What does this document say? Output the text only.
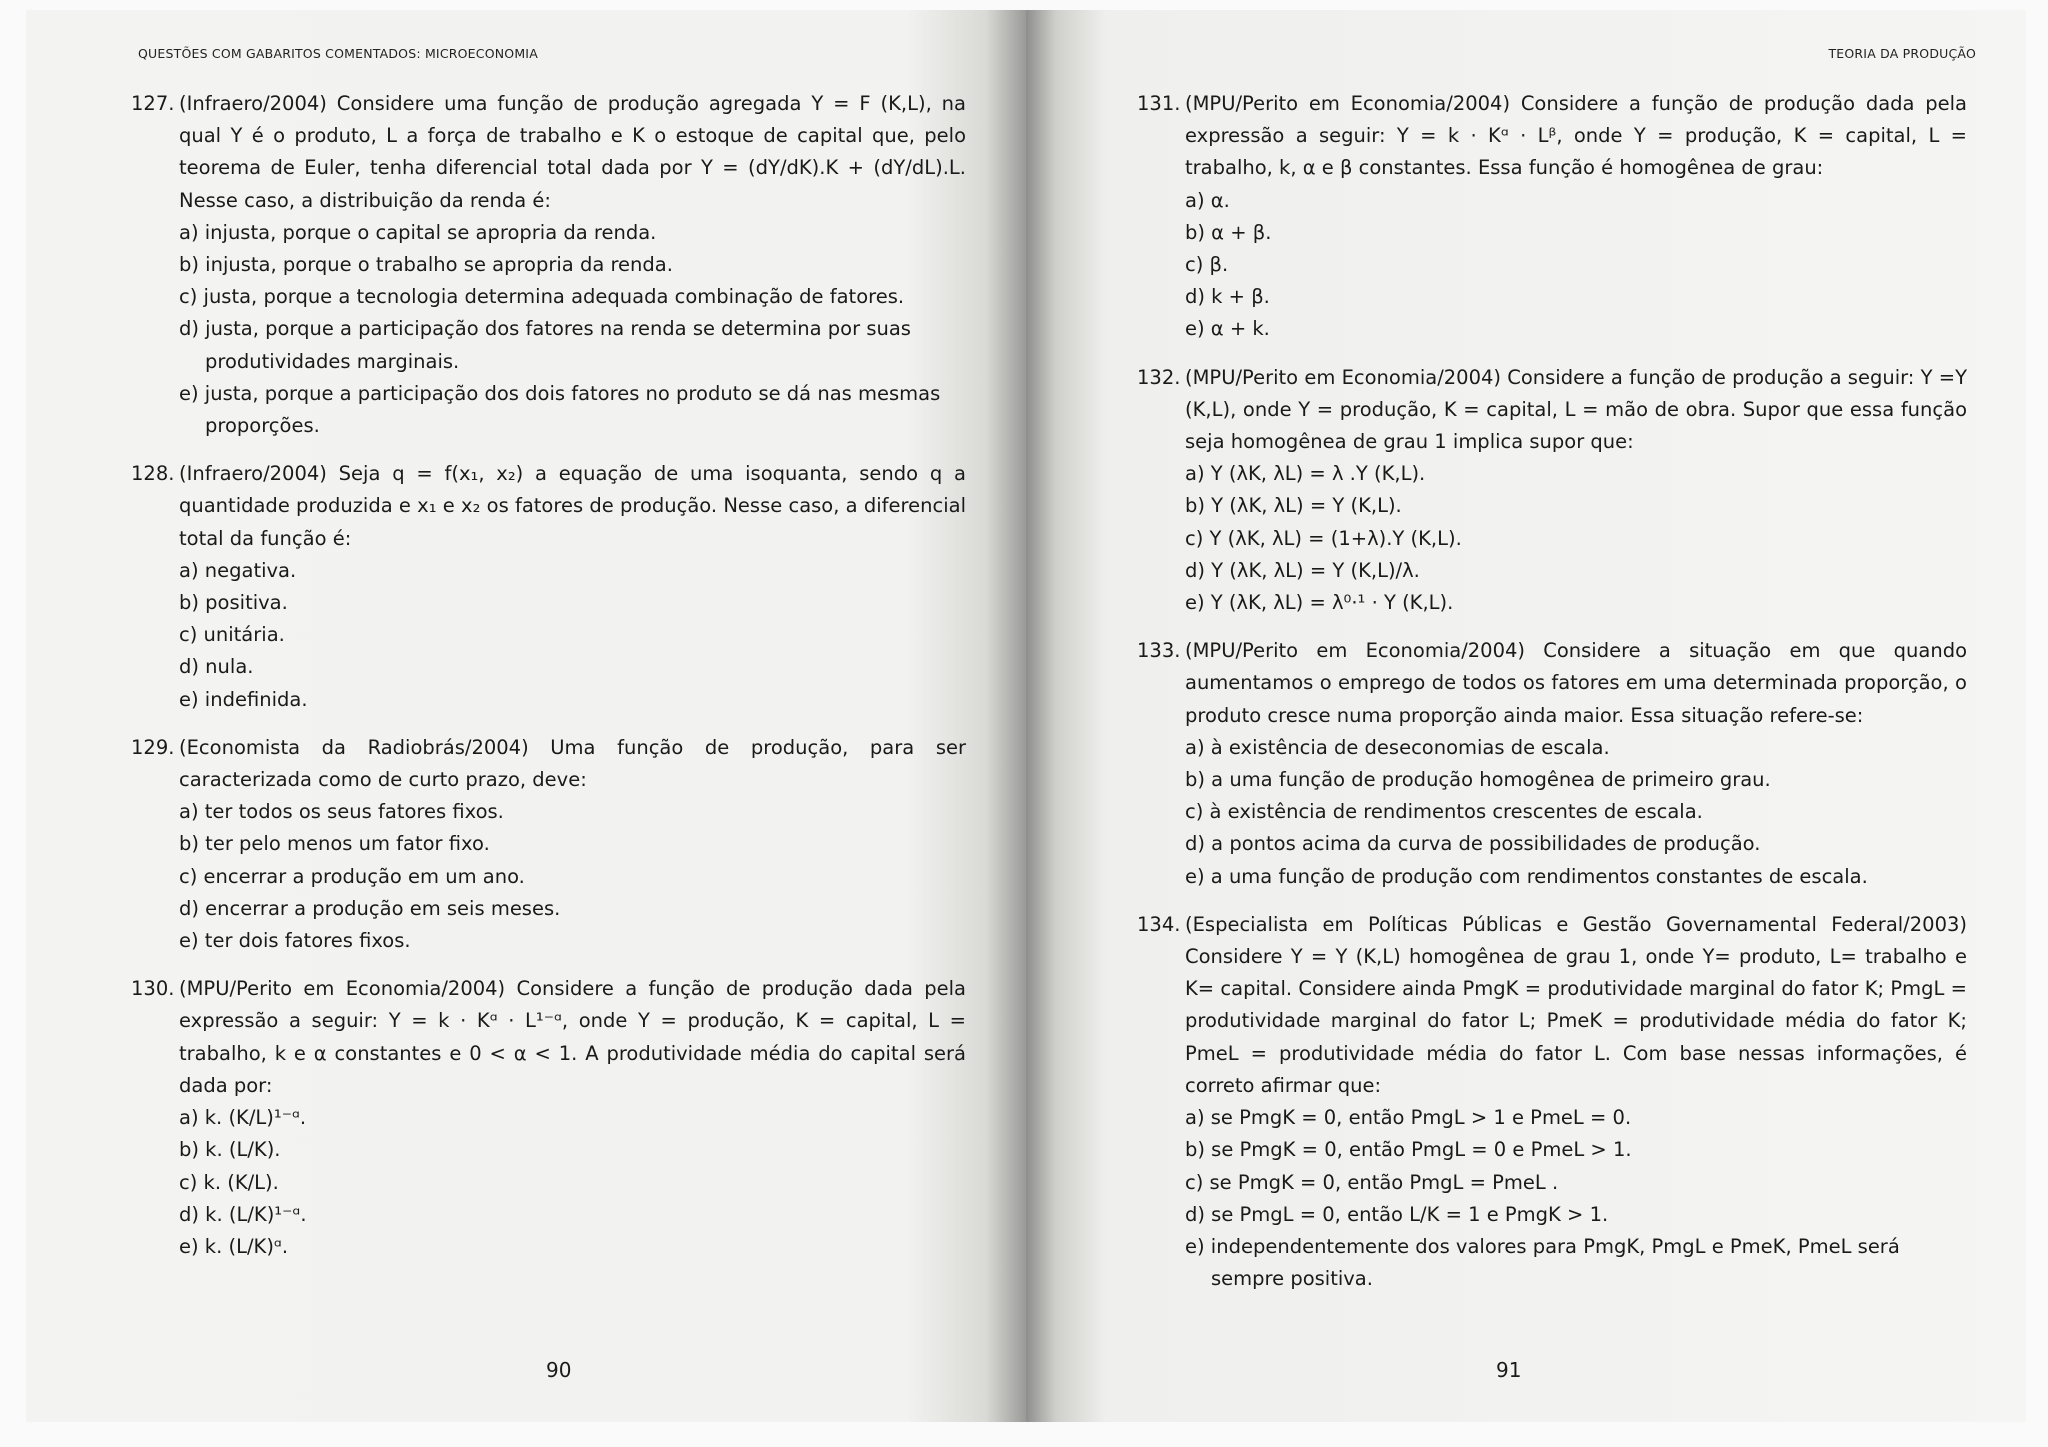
QUESTÕES COM GABARITOS COMENTADOS: MICROECONOMIA
127. (Infraero/2004) Considere uma função de produção agregada Y = F (K,L), na qual Y é o produto, L a força de trabalho e K o estoque de capital que, pelo teorema de Euler, tenha diferencial total dada por Y = (dY/dK).K + (dY/dL).L. Nesse caso, a distribuição da renda é:
a) injusta, porque o capital se apropria da renda.
b) injusta, porque o trabalho se apropria da renda.
c) justa, porque a tecnologia determina adequada combinação de fatores.
d) justa, porque a participação dos fatores na renda se determina por suas produtividades marginais.
e) justa, porque a participação dos dois fatores no produto se dá nas mesmas proporções.
128. (Infraero/2004) Seja q = f(x₁, x₂) a equação de uma isoquanta, sendo q a quantidade produzida e x₁ e x₂ os fatores de produção. Nesse caso, a diferencial total da função é:
a) negativa.
b) positiva.
c) unitária.
d) nula.
e) indefinida.
129. (Economista da Radiobrás/2004) Uma função de produção, para ser caracterizada como de curto prazo, deve:
a) ter todos os seus fatores fixos.
b) ter pelo menos um fator fixo.
c) encerrar a produção em um ano.
d) encerrar a produção em seis meses.
e) ter dois fatores fixos.
130. (MPU/Perito em Economia/2004) Considere a função de produção dada pela expressão a seguir: Y = k · Kᵅ · L¹⁻ᵅ, onde Y = produção, K = capital, L = trabalho, k e α constantes e 0 < α < 1. A produtividade média do capital será dada por:
a) k. (K/L)¹⁻ᵅ.
b) k. (L/K).
c) k. (K/L).
d) k. (L/K)¹⁻ᵅ.
e) k. (L/K)ᵅ.
90
TEORIA DA PRODUÇÃO
131. (MPU/Perito em Economia/2004) Considere a função de produção dada pela expressão a seguir: Y = k · Kᵅ · Lᵝ, onde Y = produção, K = capital, L = trabalho, k, α e β constantes. Essa função é homogênea de grau:
a) α.
b) α + β.
c) β.
d) k + β.
e) α + k.
132. (MPU/Perito em Economia/2004) Considere a função de produção a seguir: Y =Y (K,L), onde Y = produção, K = capital, L = mão de obra. Supor que essa função seja homogênea de grau 1 implica supor que:
a) Y (λK, λL) = λ .Y (K,L).
b) Y (λK, λL) = Y (K,L).
c) Y (λK, λL) = (1+λ).Y (K,L).
d) Y (λK, λL) = Y (K,L)/λ.
e) Y (λK, λL) = λ⁰·¹ · Y (K,L).
133. (MPU/Perito em Economia/2004) Considere a situação em que quando aumentamos o emprego de todos os fatores em uma determinada proporção, o produto cresce numa proporção ainda maior. Essa situação refere-se:
a) à existência de deseconomias de escala.
b) a uma função de produção homogênea de primeiro grau.
c) à existência de rendimentos crescentes de escala.
d) a pontos acima da curva de possibilidades de produção.
e) a uma função de produção com rendimentos constantes de escala.
134. (Especialista em Políticas Públicas e Gestão Governamental Federal/2003) Considere Y = Y (K,L) homogênea de grau 1, onde Y= produto, L= trabalho e K= capital. Considere ainda PmgK = produtividade marginal do fator K; PmgL = produtividade marginal do fator L; PmeK = produtividade média do fator K; PmeL = produtividade média do fator L. Com base nessas informações, é correto afirmar que:
a) se PmgK = 0, então PmgL > 1 e PmeL = 0.
b) se PmgK = 0, então PmgL = 0 e PmeL > 1.
c) se PmgK = 0, então PmgL = PmeL .
d) se PmgL = 0, então L/K = 1 e PmgK > 1.
e) independentemente dos valores para PmgK, PmgL e PmeK, PmeL será sempre positiva.
91
